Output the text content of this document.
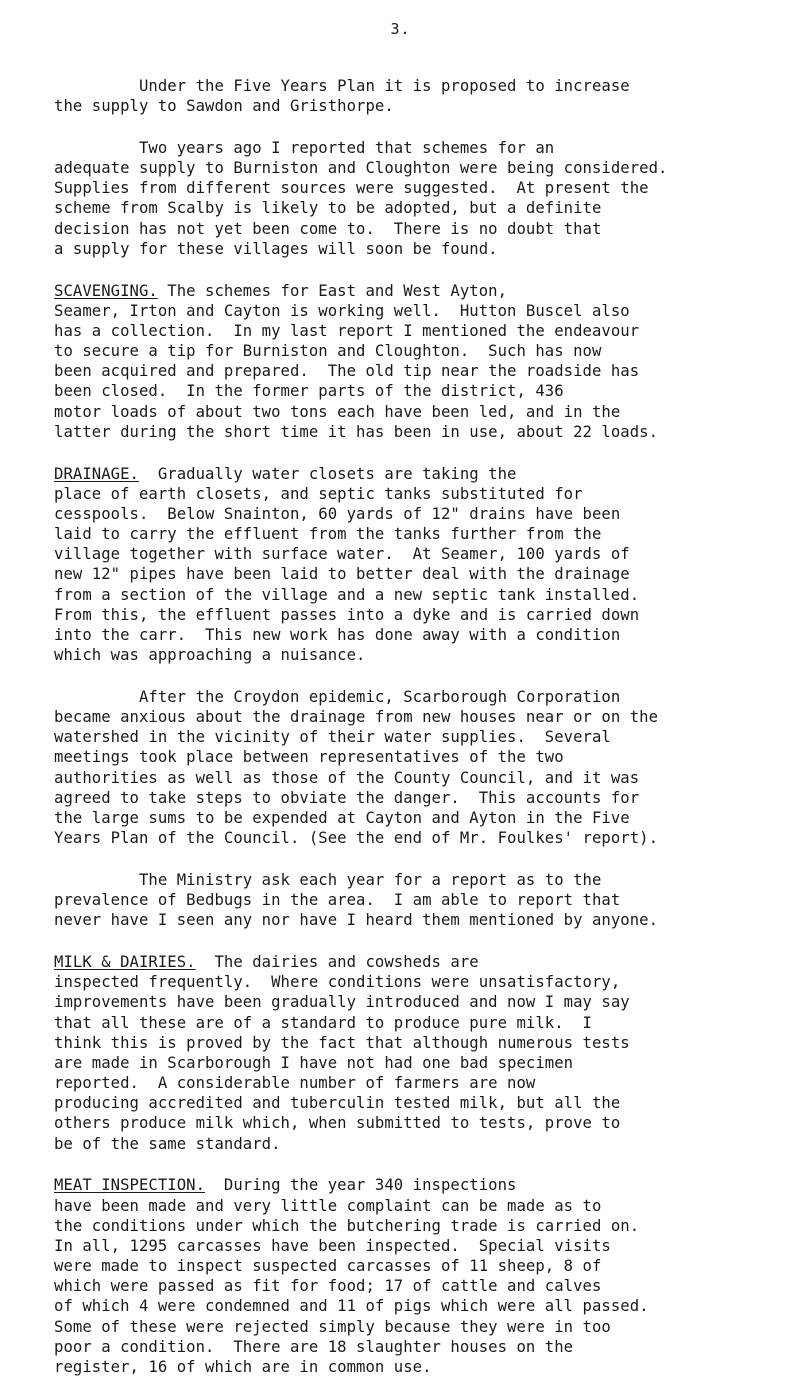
3.
Under the Five Years Plan it is proposed to increase
the supply to Sawdon and Gristhorpe.
Two years ago I reported that schemes for an
adequate supply to Burniston and Cloughton were being considered.
Supplies from different sources were suggested.  At present the
scheme from Scalby is likely to be adopted, but a definite
decision has not yet been come to.  There is no doubt that
a supply for these villages will soon be found.
SCAVENGING. The schemes for East and West Ayton,
Seamer, Irton and Cayton is working well.  Hutton Buscel also
has a collection.  In my last report I mentioned the endeavour
to secure a tip for Burniston and Cloughton.  Such has now
been acquired and prepared.  The old tip near the roadside has
been closed.  In the former parts of the district, 436
motor loads of about two tons each have been led, and in the
latter during the short time it has been in use, about 22 loads.
DRAINAGE.  Gradually water closets are taking the
place of earth closets, and septic tanks substituted for
cesspools.  Below Snainton, 60 yards of 12" drains have been
laid to carry the effluent from the tanks further from the
village together with surface water.  At Seamer, 100 yards of
new 12" pipes have been laid to better deal with the drainage
from a section of the village and a new septic tank installed.
From this, the effluent passes into a dyke and is carried down
into the carr.  This new work has done away with a condition
which was approaching a nuisance.
After the Croydon epidemic, Scarborough Corporation
became anxious about the drainage from new houses near or on the
watershed in the vicinity of their water supplies.  Several
meetings took place between representatives of the two
authorities as well as those of the County Council, and it was
agreed to take steps to obviate the danger.  This accounts for
the large sums to be expended at Cayton and Ayton in the Five
Years Plan of the Council. (See the end of Mr. Foulkes' report).
The Ministry ask each year for a report as to the
prevalence of Bedbugs in the area.  I am able to report that
never have I seen any nor have I heard them mentioned by anyone.
MILK & DAIRIES.  The dairies and cowsheds are
inspected frequently.  Where conditions were unsatisfactory,
improvements have been gradually introduced and now I may say
that all these are of a standard to produce pure milk.  I
think this is proved by the fact that although numerous tests
are made in Scarborough I have not had one bad specimen
reported.  A considerable number of farmers are now
producing accredited and tuberculin tested milk, but all the
others produce milk which, when submitted to tests, prove to
be of the same standard.
MEAT INSPECTION.  During the year 340 inspections
have been made and very little complaint can be made as to
the conditions under which the butchering trade is carried on.
In all, 1295 carcasses have been inspected.  Special visits
were made to inspect suspected carcasses of 11 sheep, 8 of
which were passed as fit for food; 17 of cattle and calves
of which 4 were condemned and 11 of pigs which were all passed.
Some of these were rejected simply because they were in too
poor a condition.  There are 18 slaughter houses on the
register, 16 of which are in common use.
